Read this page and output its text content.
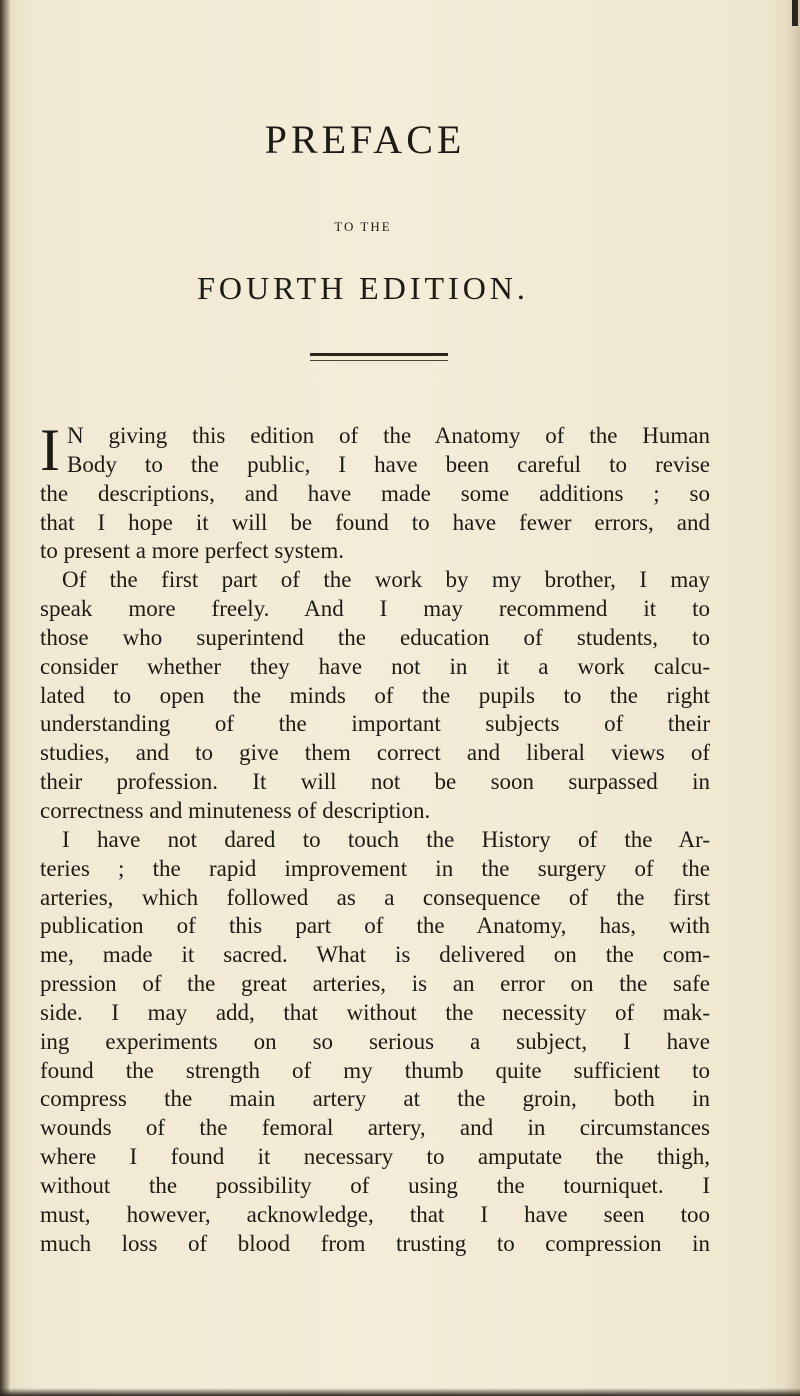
PREFACE
TO THE
FOURTH EDITION.
I N giving this edition of the Anatomy of the Human
Body to the public, I have been careful to revise
the descriptions, and have made some additions ; so
that I hope it will be found to have fewer errors, and
to present a more perfect system.
Of the first part of the work by my brother, I may
speak more freely. And I may recommend it to
those who superintend the education of students, to
consider whether they have not in it a work calcu-
lated to open the minds of the pupils to the right
understanding of the important subjects of their
studies, and to give them correct and liberal views of
their profession. It will not be soon surpassed in
correctness and minuteness of description.
I have not dared to touch the History of the Ar-
teries ; the rapid improvement in the surgery of the
arteries, which followed as a consequence of the first
publication of this part of the Anatomy, has, with
me, made it sacred. What is delivered on the com-
pression of the great arteries, is an error on the safe
side. I may add, that without the necessity of mak-
ing experiments on so serious a subject, I have
found the strength of my thumb quite sufficient to
compress the main artery at the groin, both in
wounds of the femoral artery, and in circumstances
where I found it necessary to amputate the thigh,
without the possibility of using the tourniquet. I
must, however, acknowledge, that I have seen too
much loss of blood from trusting to compression in
